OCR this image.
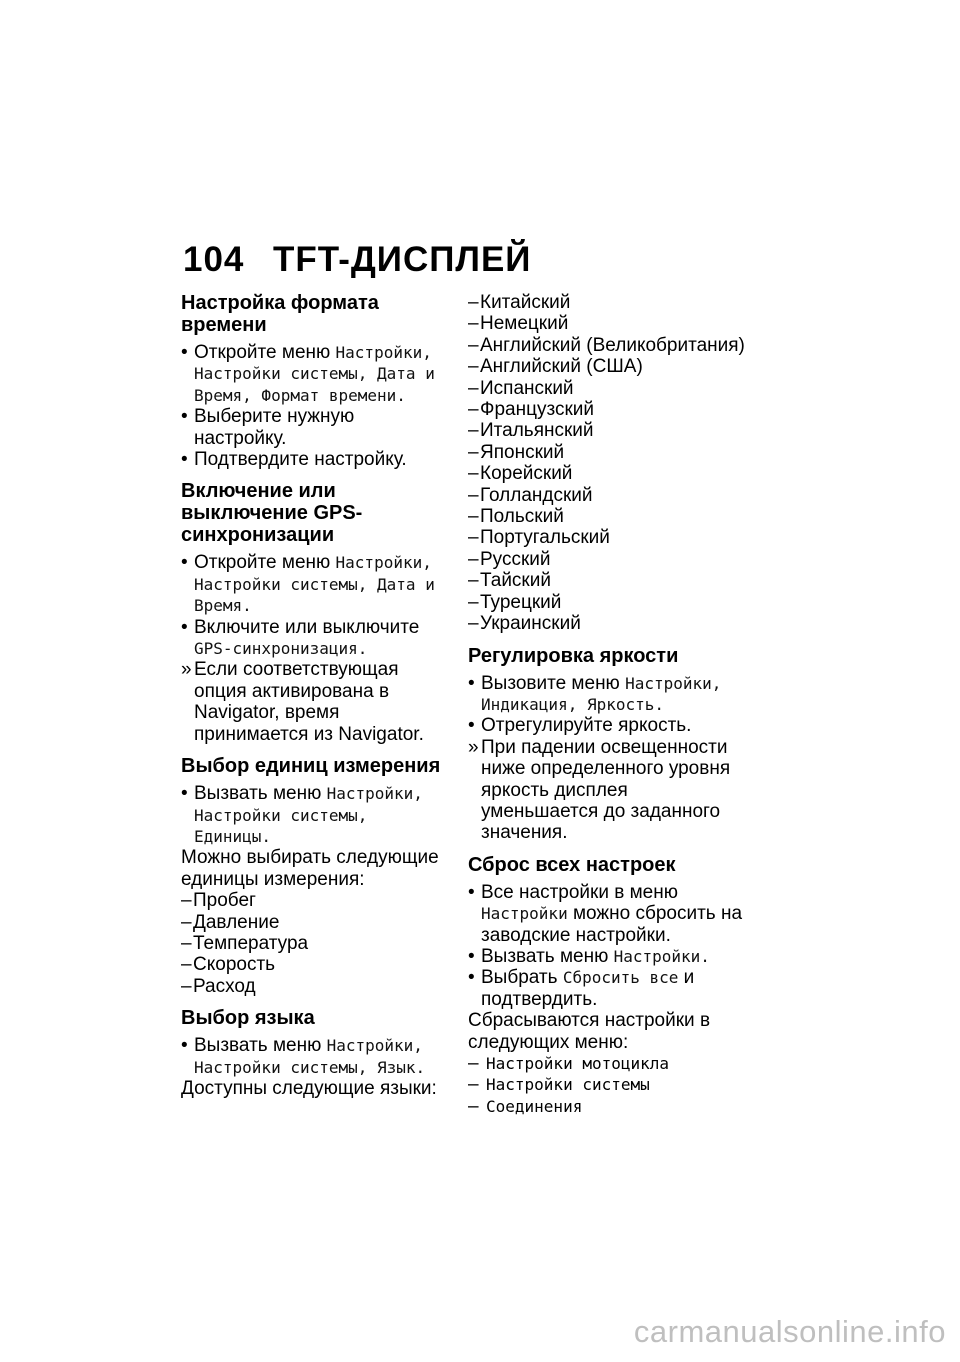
104 TFT-ДИСПЛЕЙ
Настройка формата времени
• Откройте меню Настройки, Настройки системы, Дата и Время, Формат времени.
• Выберите нужную настройку.
• Подтвердите настройку.
Включение или выключение GPS-синхронизации
• Откройте меню Настройки, Настройки системы, Дата и Время.
• Включите или выключите
GPS-синхронизация.
» Если соответствующая опция активирована в Navigator, время принимается из Navigator.
Выбор единиц измерения
• Вызвать меню Настройки, Настройки системы, Единицы.
Можно выбирать следующие единицы измерения:
– Пробег
– Давление
– Температура
– Скорость
– Расход
Выбор языка
• Вызвать меню Настройки, Настройки системы, Язык.
Доступны следующие языки:
– Китайский
– Немецкий
– Английский (Великобритания)
– Английский (США)
– Испанский
– Французский
– Итальянский
– Японский
– Корейский
– Голландский
– Польский
– Португальский
– Русский
– Тайский
– Турецкий
– Украинский
Регулировка яркости
• Вызовите меню Настройки, Индикация, Яркость.
• Отрегулируйте яркость.
» При падении освещенности ниже определенного уровня яркость дисплея уменьшается до заданного значения.
Сброс всех настроек
• Все настройки в меню
Настройки можно сбросить на заводские настройки.
• Вызвать меню Настройки.
• Выбрать Сбросить все и подтвердить.
Сбрасываются настройки в следующих меню:
– Настройки мотоцикла
– Настройки системы
– Соединения
carmanualsonline.info
